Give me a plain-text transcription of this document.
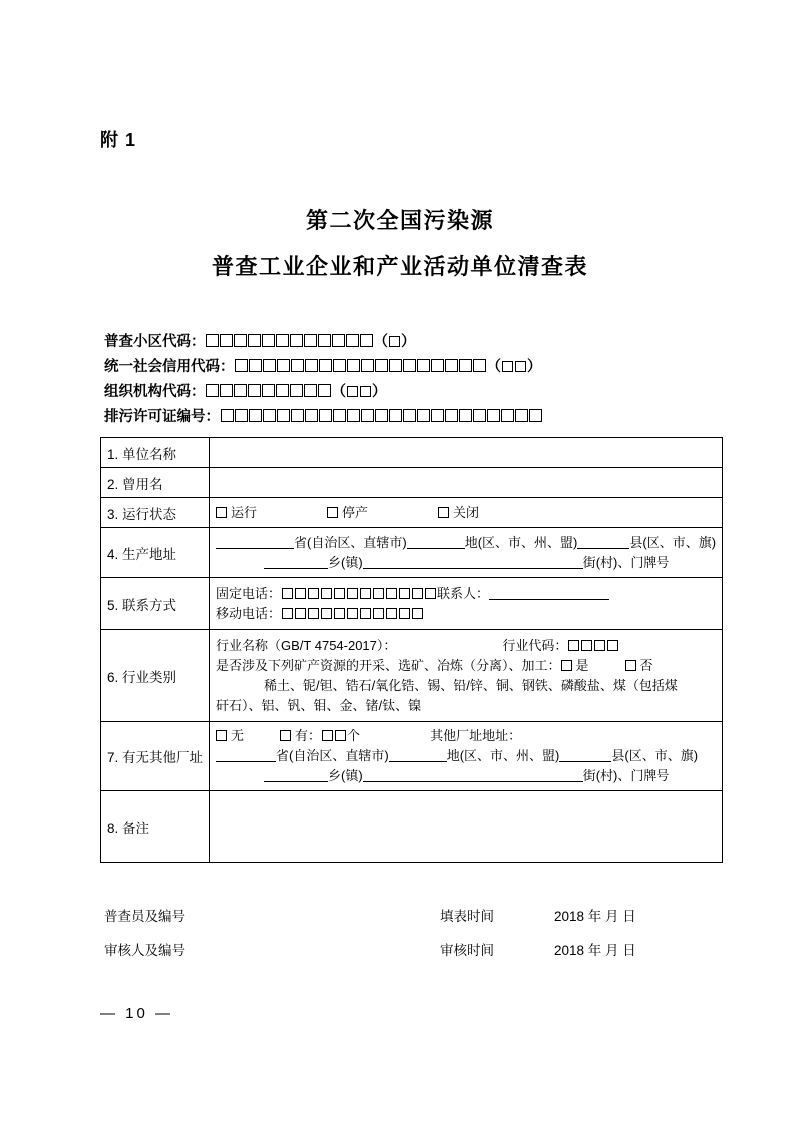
附 1
第二次全国污染源
普查工业企业和产业活动单位清查表
普查小区代码：	（ ）
统一社会信用代码：	（ ）
组织机构代码：	（ ）
排污许可证编号：
1. 单位名称	
2. 曾用名	
3. 运行状态	运行 停产 关闭
4. 生产地址	省(自治区、直辖市) 地(区、市、州、盟) 县(区、市、旗)
乡(镇) 街(村)、门牌号

5. 联系方式	固定电话： 联系人：
移动电话：

6. 行业类别	行业名称（GB/T 4754-2017）： 行业代码：
是否涉及下列矿产资源的开采、选矿、冶炼（分离）、加工： 是 否
稀土、铌/钽、锆石/氧化锆、锡、铅/锌、铜、钢铁、磷酸盐、煤（包括煤
矸石）、铝、钒、钼、金、锗/钛、镍

7. 有无其他厂址	无 有： 个 其他厂址地址：
省(自治区、直辖市) 地(区、市、州、盟) 县(区、市、旗)
乡(镇) 街(村)、门牌号

8. 备注	
普查员及编号	填表时间	2018 年 月 日
审核人及编号	审核时间	2018 年 月 日
— 10 —
